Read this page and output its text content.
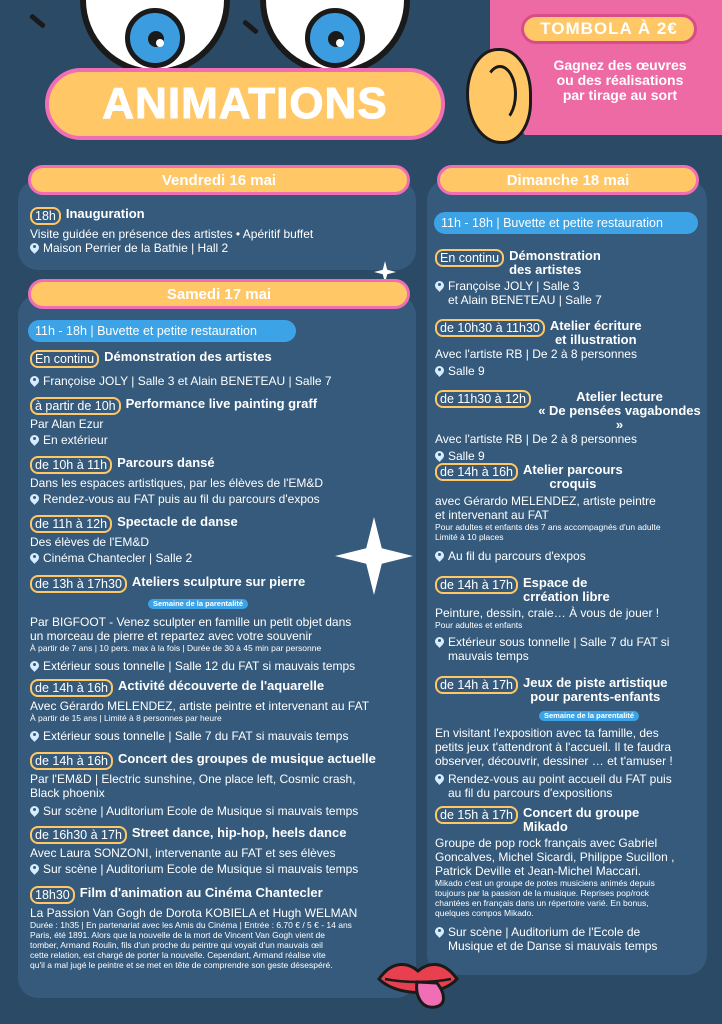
ANIMATIONS
TOMBOLA À 2€
Gagnez des œuvres
ou des réalisations
par tirage au sort
Vendredi 16 mai
18h Inauguration
Visite guidée en présence des artistes • Apéritif buffet
Maison Perrier de la Bathie | Hall 2
Samedi 17 mai
11h - 18h | Buvette et petite restauration
En continu Démonstration des artistes
Françoise JOLY | Salle 3 et Alain BENETEAU | Salle 7
à partir de 10h Performance live painting graff
Par Alan Ezur
En extérieur
de 10h à 11h Parcours dansé
Dans les espaces artistiques, par les élèves de l'EM&D
Rendez-vous au FAT puis au fil du parcours d'expos
de 11h à 12h Spectacle de danse
Des élèves de l'EM&D
Cinéma Chantecler | Salle 2
de 13h à 17h30 Ateliers sculpture sur pierre
Semaine de la parentalité
Par BIGFOOT - Venez sculpter en famille un petit objet dans
un morceau de pierre et repartez avec votre souvenir
À partir de 7 ans | 10 pers. max à la fois | Durée de 30 à 45 min par personne
Extérieur sous tonnelle | Salle 12 du FAT si mauvais temps
de 14h à 16h Activité découverte de l'aquarelle
Avec Gérardo MELENDEZ, artiste peintre et intervenant au FAT
À partir de 15 ans | Limité à 8 personnes par heure
Extérieur sous tonnelle | Salle 7 du FAT si mauvais temps
de 14h à 16h Concert des groupes de musique actuelle
Par l'EM&D | Electric sunshine, One place left, Cosmic crash,
Black phoenix
Sur scène | Auditorium Ecole de Musique si mauvais temps
de 16h30 à 17h Street dance, hip-hop, heels dance
Avec Laura SONZONI, intervenante au FAT et ses élèves
Sur scène | Auditorium Ecole de Musique si mauvais temps
18h30 Film d'animation au Cinéma Chantecler
La Passion Van Gogh de Dorota KOBIELA et Hugh WELMAN
Durée : 1h35 | En partenariat avec les Amis du Cinéma | Entrée : 6.70 € / 5 € - 14 ans
Paris, été 1891. Alors que la nouvelle de la mort de Vincent Van Gogh vient de
tomber, Armand Roulin, fils d'un proche du peintre qui voyait d'un mauvais œil
cette relation, est chargé de porter la nouvelle. Cependant, Armand réalise vite
qu'il a mal jugé le peintre et se met en tête de comprendre son geste désespéré.
Dimanche 18 mai
11h - 18h | Buvette et petite restauration
En continu Démonstration
des artistes
Françoise JOLY | Salle 3
et Alain BENETEAU | Salle 7
de 10h30 à 11h30 Atelier écriture
et illustration
Avec l'artiste RB | De 2 à 8 personnes
Salle 9
de 11h30 à 12h	Atelier lecture
« De pensées vagabondes »
Avec l'artiste RB | De 2 à 8 personnes
Salle 9
de 14h à 16h Atelier parcours
croquis
avec Gérardo MELENDEZ, artiste peintre
et intervenant au FAT
Pour adultes et enfants dès 7 ans accompagnés d'un adulte
Limité à 10 places
Au fil du parcours d'expos
de 14h à 17h Espace de
crréation libre
Peinture, dessin, craie… À vous de jouer !
Pour adultes et enfants
Extérieur sous tonnelle | Salle 7 du FAT si
mauvais temps
de 14h à 17h Jeux de piste artistique
pour parents-enfants
Semaine de la parentalité
En visitant l'exposition avec ta famille, des
petits jeux t'attendront à l'accueil. Il te faudra
observer, découvrir, dessiner … et t'amuser !
Rendez-vous au point accueil du FAT puis
au fil du parcours d'expositions
de 15h à 17h Concert du groupe
Mikado
Groupe de pop rock français avec Gabriel
Goncalves, Michel Sicardi, Philippe Sucillon ,
Patrick Deville et Jean-Michel Maccari.
Mikado c'est un groupe de potes musiciens animés depuis
toujours par la passion de la musique. Reprises pop/rock
chantées en français dans un répertoire varié. En bonus,
quelques compos Mikado.
Sur scène | Auditorium de l'Ecole de
Musique et de Danse si mauvais temps
